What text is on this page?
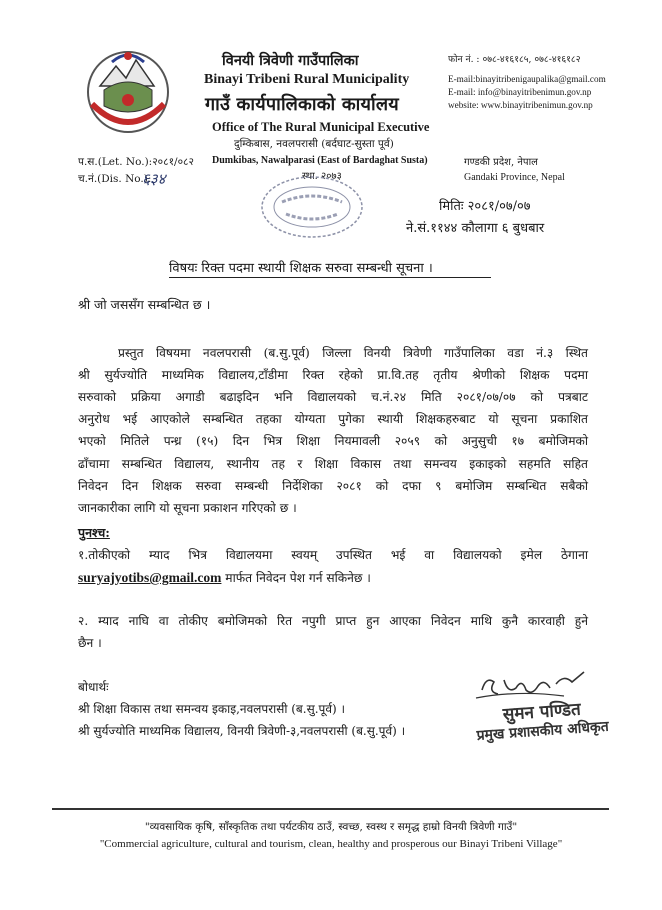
विनयी त्रिवेणी गाउँपालिका
Binayi Tribeni Rural Municipality
गाउँ कार्यपालिकाको कार्यालय
Office of The Rural Municipal Executive
दुम्किबास, नवलपरासी (बर्दघाट-सुस्ता पूर्व)
Dumkibas, Nawalparasi (East of Bardaghat Susta)
स्था. २०७३
फोन नं. : ०७८-४१६१८५, ०७८-४१६१८२
E-mail:binayitribenigaupalika@gmail.com
E-mail: info@binayitribenimun.gov.np
website: www.binayitribenimun.gov.np
गण्डकी प्रदेश, नेपाल
Gandaki Province, Nepal
प.स.(Let. No.):२०८१/०८२
च.नं.(Dis. No.):
६३४
मितिः २०८१/०७/०७
ने.सं.११४४ कौलागा ६ बुधबार
विषयः रिक्त पदमा स्थायी शिक्षक सरुवा सम्बन्धी सूचना ।
श्री जो जससँग सम्बन्धित छ ।
प्रस्तुत विषयमा नवलपरासी (ब.सु.पूर्व) जिल्ला विनयी त्रिवेणी गाउँपालिका वडा नं.३ स्थित
श्री सुर्यज्योति माध्यमिक विद्यालय,टाँडीमा रिक्त रहेको प्रा.वि.तह तृतीय श्रेणीको शिक्षक पदमा
सरुवाको प्रक्रिया अगाडी बढाइदिन भनि विद्यालयको च.नं.२४ मिति २०८१/०७/०७ को पत्रबाट
अनुरोध भई आएकोले सम्बन्धित तहका योग्यता पुगेका स्थायी शिक्षकहरुबाट यो सूचना प्रकाशित
भएको मितिले पन्ध्र (१५) दिन भित्र शिक्षा नियमावली २०५९ को अनुसुची १७ बमोजिमको
ढाँचामा सम्बन्धित विद्यालय, स्थानीय तह र शिक्षा विकास तथा समन्वय इकाइको सहमति सहित
निवेदन दिन शिक्षक सरुवा सम्बन्धी निर्देशिका २०८१ को दफा ९ बमोजिम सम्बन्धित सबैको
जानकारीका लागि यो सूचना प्रकाशन गरिएको छ ।
पुनश्च:
१.तोकीएको म्याद भित्र विद्यालयमा स्वयम् उपस्थित भई वा विद्यालयको इमेल ठेगाना
suryajyotibs@gmail.com मार्फत निवेदन पेश गर्न सकिनेछ ।
२. म्याद नाघि वा तोकीए बमोजिमको रित नपुगी प्राप्त हुन आएका निवेदन माथि कुनै कारवाही हुने
छैन ।
बोधार्थः
श्री शिक्षा विकास तथा समन्वय इकाइ,नवलपरासी (ब.सु.पूर्व) ।
श्री सुर्यज्योति माध्यमिक विद्यालय, विनयी त्रिवेणी-३,नवलपरासी (ब.सु.पूर्व) ।
सुमन पण्डित
प्रमुख प्रशासकीय अधिकृत
"व्यवसायिक कृषि, साँस्कृतिक तथा पर्यटकीय ठाउँ, स्वच्छ, स्वस्थ र समृद्ध हाम्रो विनयी त्रिवेणी गाउँ"
"Commercial agriculture, cultural and tourism, clean, healthy and prosperous our Binayi Tribeni Village"
